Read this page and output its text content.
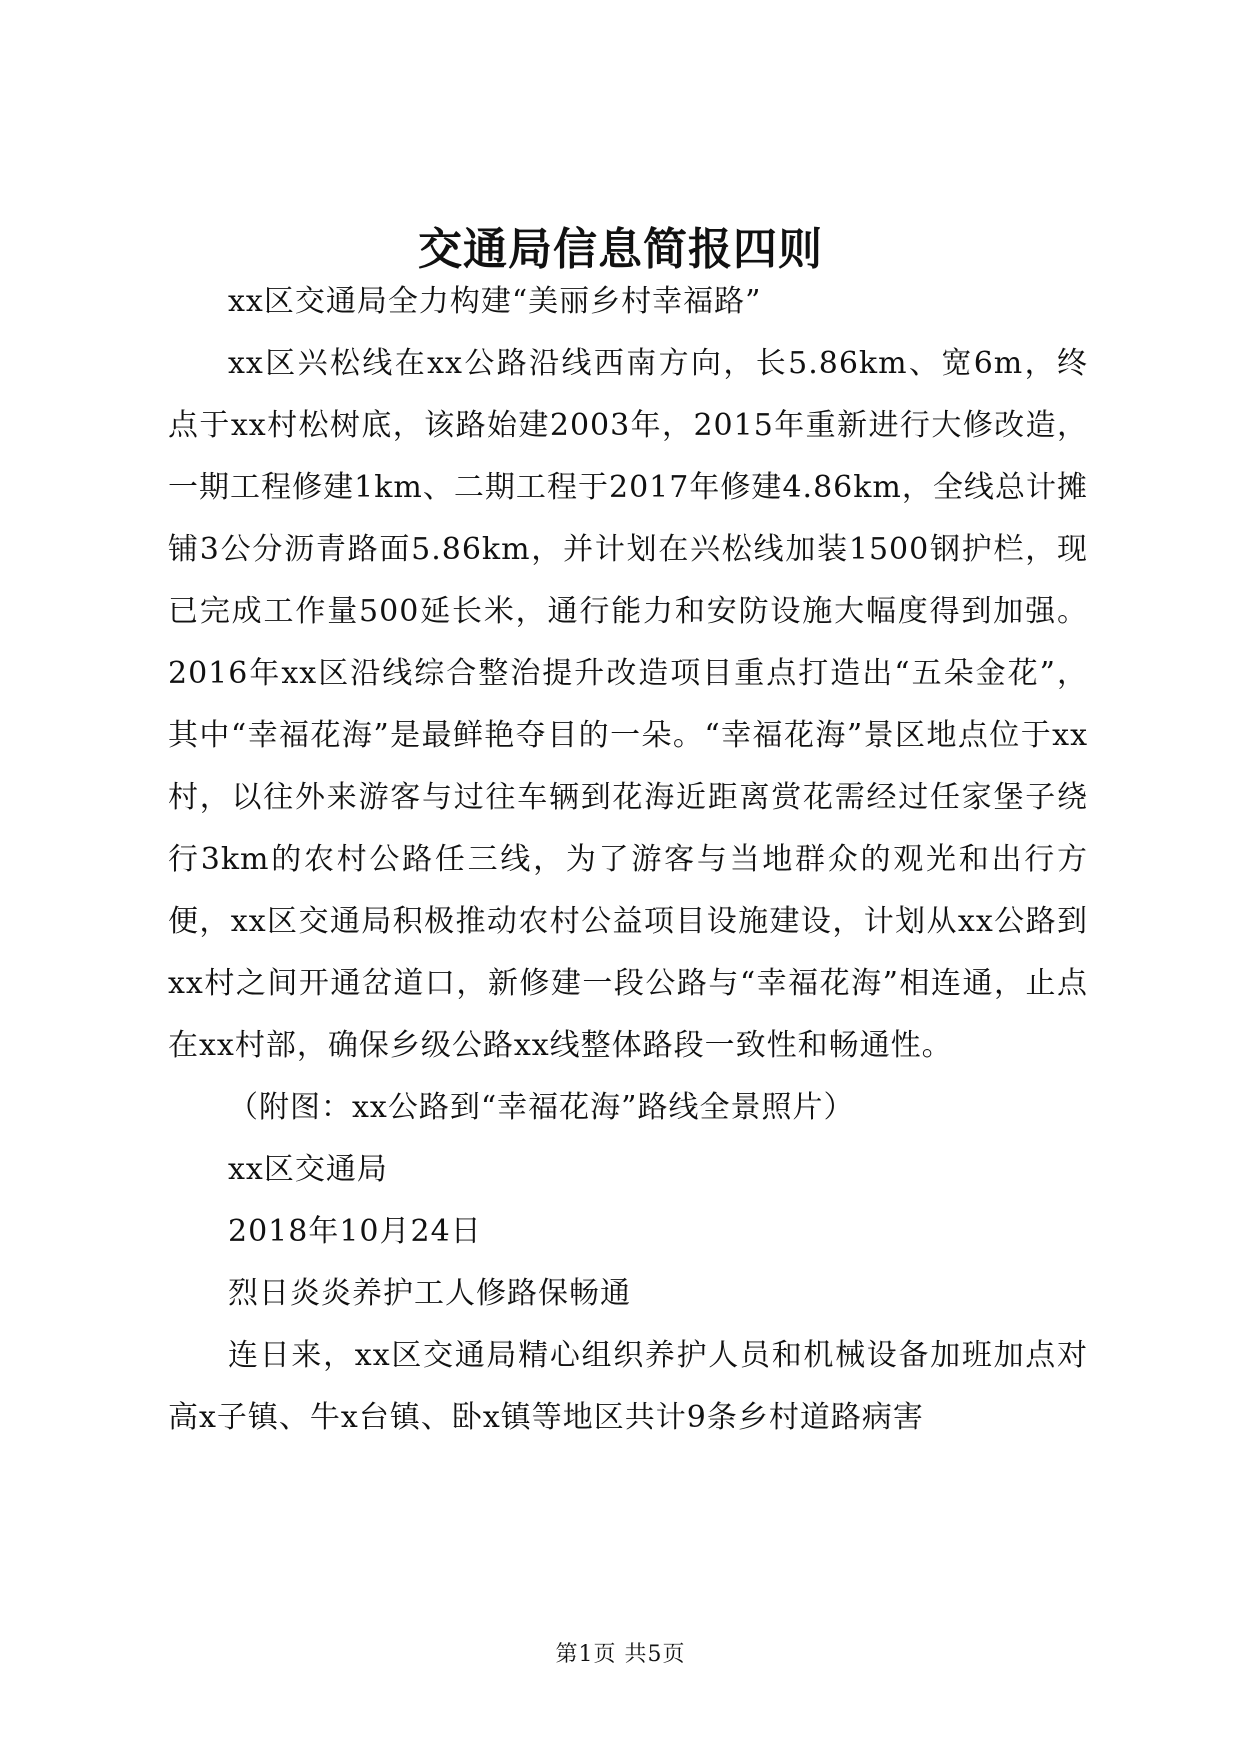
交通局信息简报四则

xx区交通局全力构建“美丽乡村幸福路”

xx区兴松线在xx公路沿线西南方向，长5.86km、宽6m，终点于xx村松树底，该路始建2003年，2015年重新进行大修改造，一期工程修建1km、二期工程于2017年修建4.86km，全线总计摊铺3公分沥青路面5.86km，并计划在兴松线加装1500钢护栏，现已完成工作量500延长米，通行能力和安防设施大幅度得到加强。2016年xx区沿线综合整治提升改造项目重点打造出“五朵金花”，其中“幸福花海”是最鲜艳夺目的一朵。“幸福花海”景区地点位于xx村，以往外来游客与过往车辆到花海近距离赏花需经过任家堡子绕行3km的农村公路任三线，为了游客与当地群众的观光和出行方便，xx区交通局积极推动农村公益项目设施建设，计划从xx公路到xx村之间开通岔道口，新修建一段公路与“幸福花海”相连通，止点在xx村部，确保乡级公路xx线整体路段一致性和畅通性。

（附图：xx公路到“幸福花海”路线全景照片）

xx区交通局

2018年10月24日

烈日炎炎养护工人修路保畅通

连日来，xx区交通局精心组织养护人员和机械设备加班加点对高x子镇、牛x台镇、卧x镇等地区共计9条乡村道路病害

第1页 共5页
